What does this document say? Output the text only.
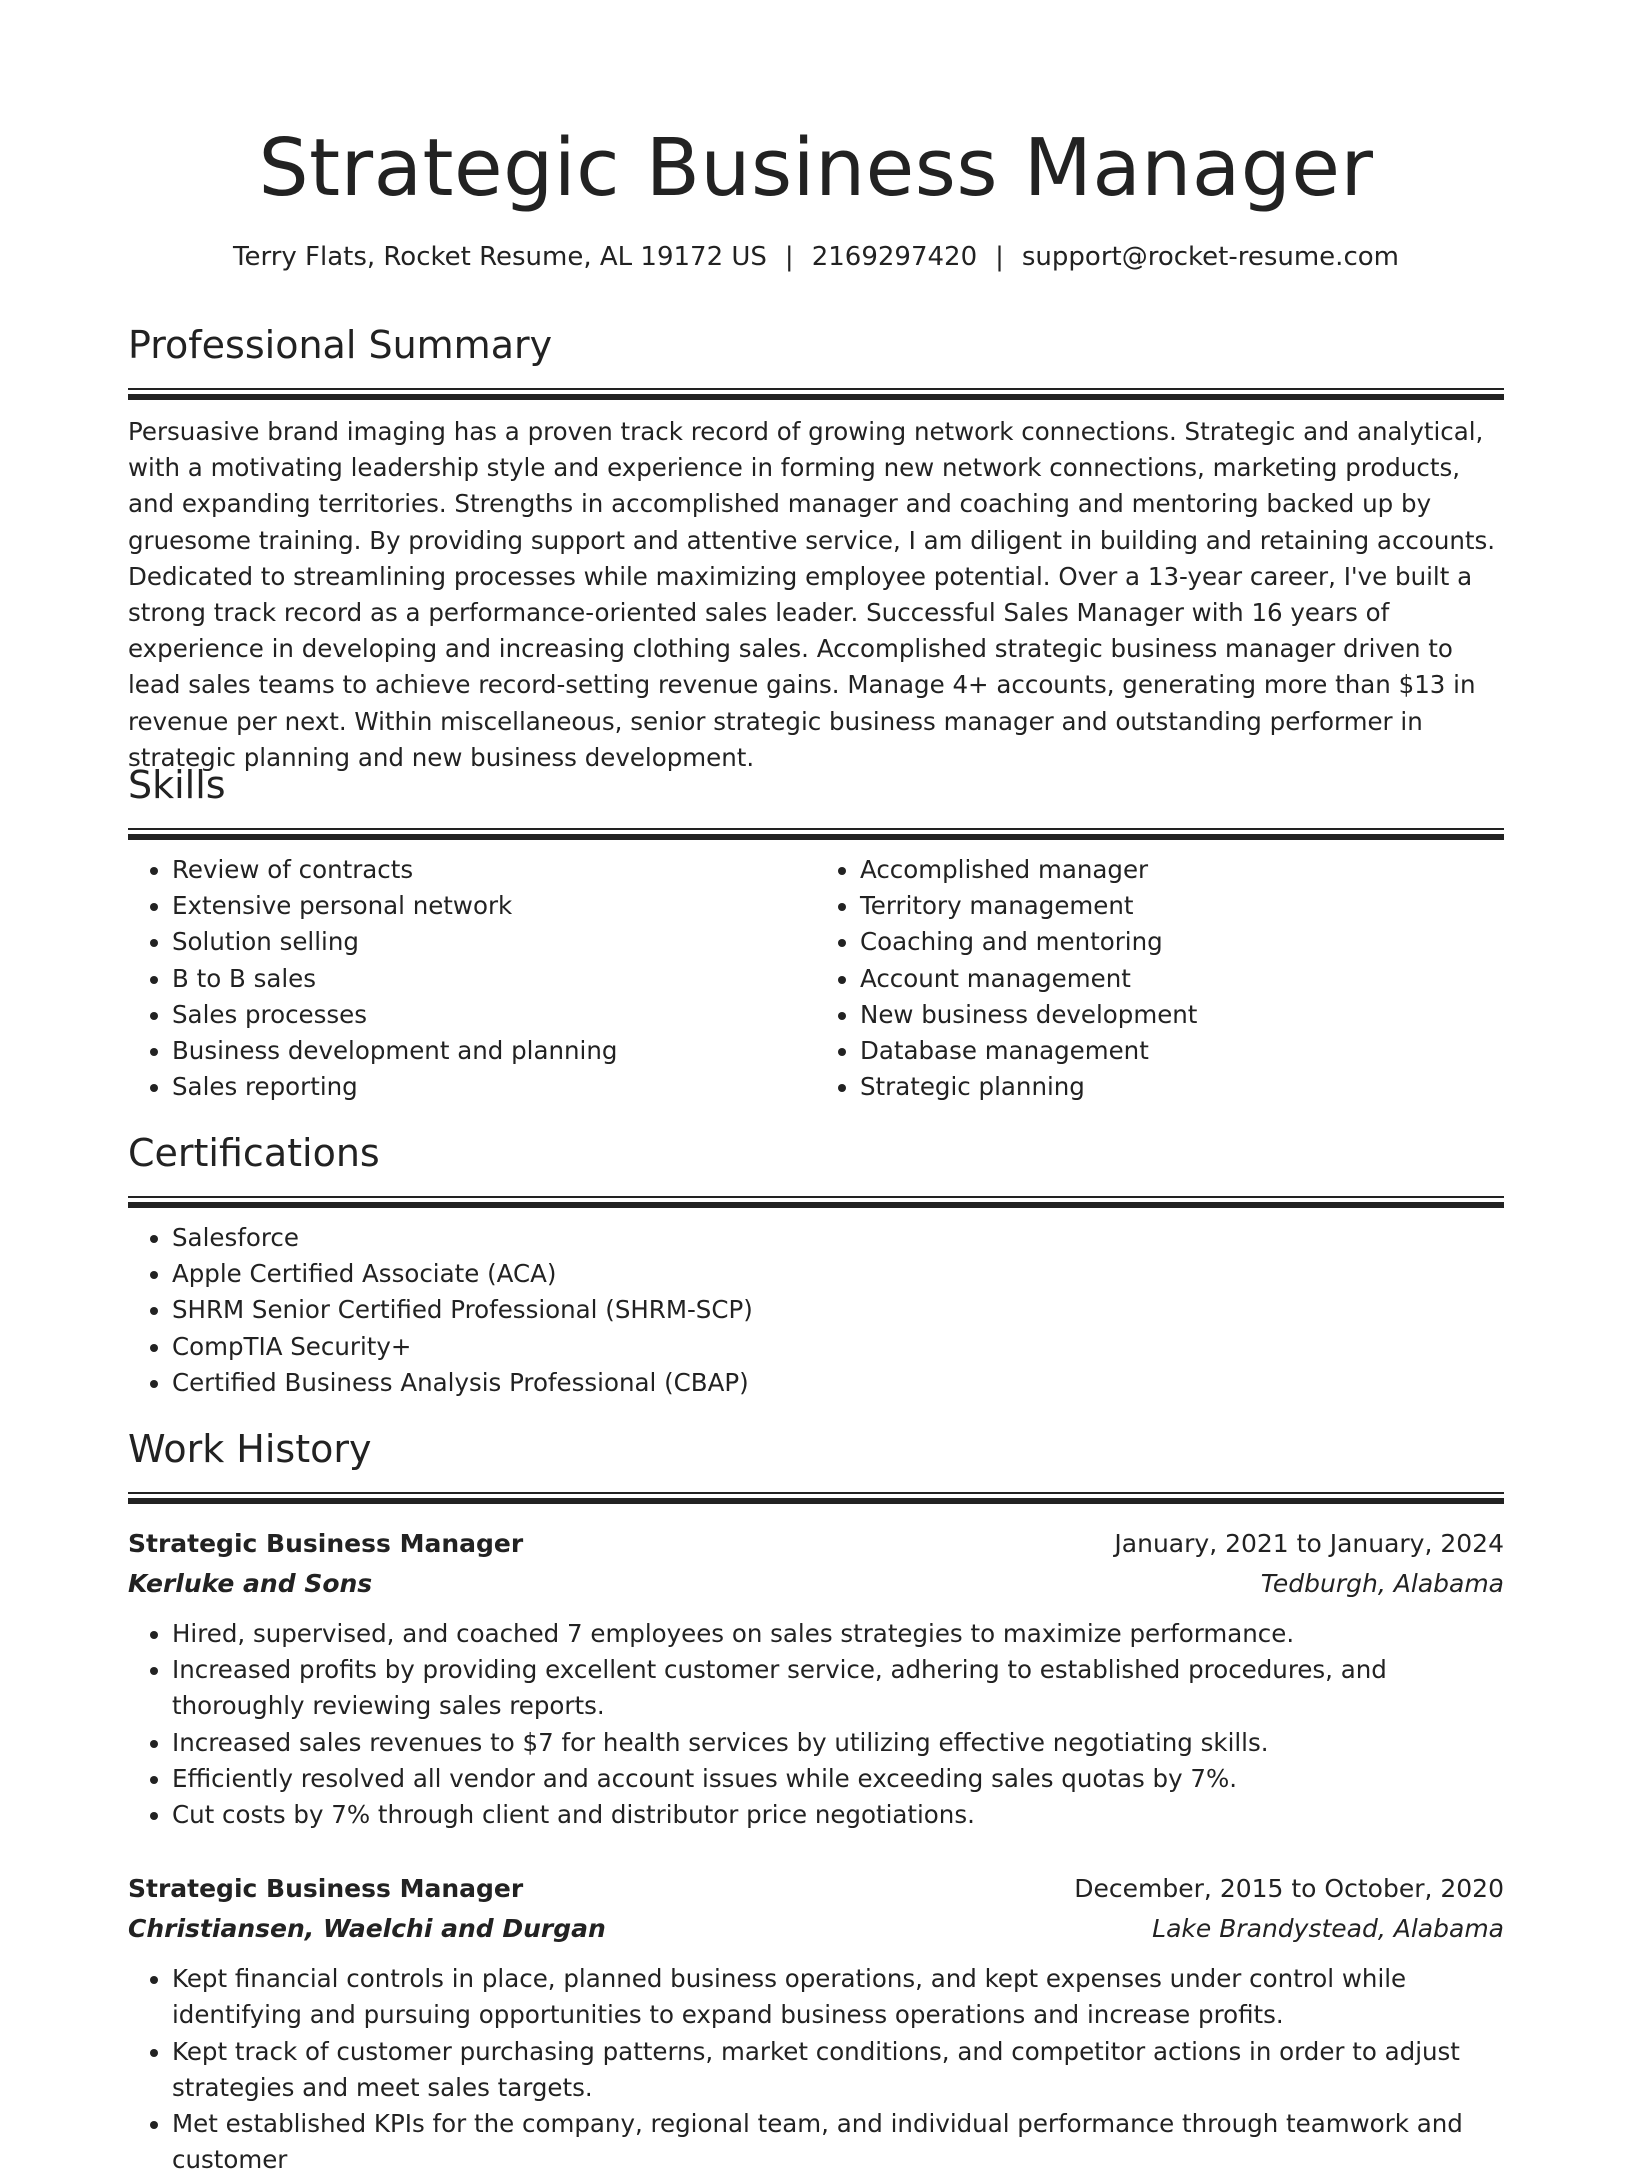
Strategic Business Manager
Terry Flats, Rocket Resume, AL 19172 US | 2169297420 | support@rocket-resume.com
Professional Summary
Persuasive brand imaging has a proven track record of growing network connections. Strategic and analytical, with a motivating leadership style and experience in forming new network connections, marketing products, and expanding territories. Strengths in accomplished manager and coaching and mentoring backed up by gruesome training. By providing support and attentive service, I am diligent in building and retaining accounts. Dedicated to streamlining processes while maximizing employee potential. Over a 13-year career, I've built a strong track record as a performance-oriented sales leader. Successful Sales Manager with 16 years of experience in developing and increasing clothing sales. Accomplished strategic business manager driven to lead sales teams to achieve record-setting revenue gains. Manage 4+ accounts, generating more than $13 in revenue per next. Within miscellaneous, senior strategic business manager and outstanding performer in strategic planning and new business development.
Skills
• Review of contracts
• Extensive personal network
• Solution selling
• B to B sales
• Sales processes
• Business development and planning
• Sales reporting
• Accomplished manager
• Territory management
• Coaching and mentoring
• Account management
• New business development
• Database management
• Strategic planning
Certifications
• Salesforce
• Apple Certified Associate (ACA)
• SHRM Senior Certified Professional (SHRM-SCP)
• CompTIA Security+
• Certified Business Analysis Professional (CBAP)
Work History
Strategic Business Manager	January, 2021 to January, 2024
Kerluke and Sons	Tedburgh, Alabama
• Hired, supervised, and coached 7 employees on sales strategies to maximize performance.
• Increased profits by providing excellent customer service, adhering to established procedures, and thoroughly reviewing sales reports.
• Increased sales revenues to $7 for health services by utilizing effective negotiating skills.
• Efficiently resolved all vendor and account issues while exceeding sales quotas by 7%.
• Cut costs by 7% through client and distributor price negotiations.
Strategic Business Manager	December, 2015 to October, 2020
Christiansen, Waelchi and Durgan	Lake Brandystead, Alabama
• Kept financial controls in place, planned business operations, and kept expenses under control while identifying and pursuing opportunities to expand business operations and increase profits.
• Kept track of customer purchasing patterns, market conditions, and competitor actions in order to adjust strategies and meet sales targets.
• Met established KPIs for the company, regional team, and individual performance through teamwork and customer
